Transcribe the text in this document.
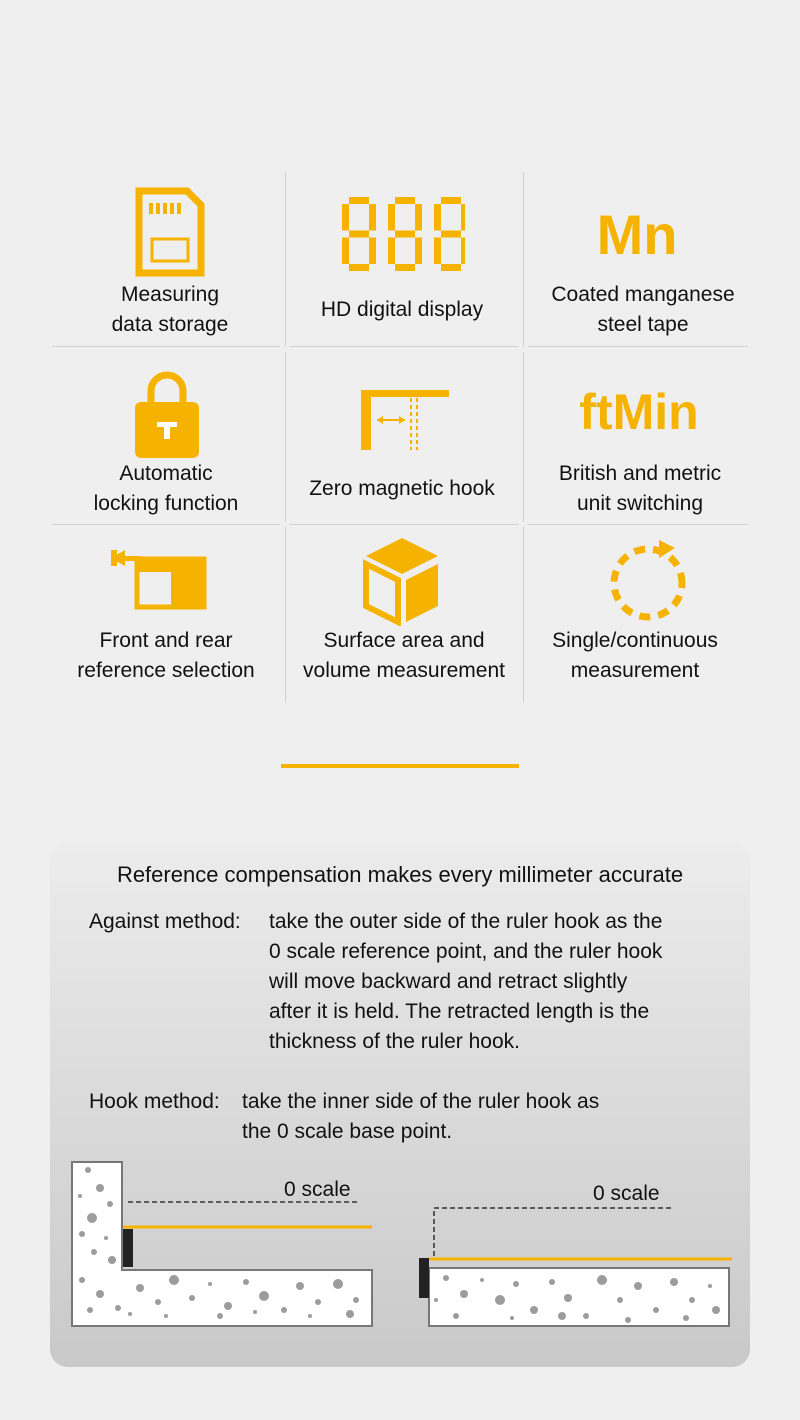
Measuring
data storage
HD digital display
Mn
Coated manganese
steel tape
Automatic
locking function
Zero magnetic hook
ftMin
British and metric
unit switching
Front and rear
reference selection
Surface area and
volume measurement
Single/continuous
measurement
Reference compensation makes every millimeter accurate
Against method: take the outer side of the ruler hook as the
0 scale reference point, and the ruler hook
will move backward and retract slightly
after it is held. The retracted length is the
thickness of the ruler hook.
Hook method: take the inner side of the ruler hook as
the 0 scale base point.
0 scale	0 scale
